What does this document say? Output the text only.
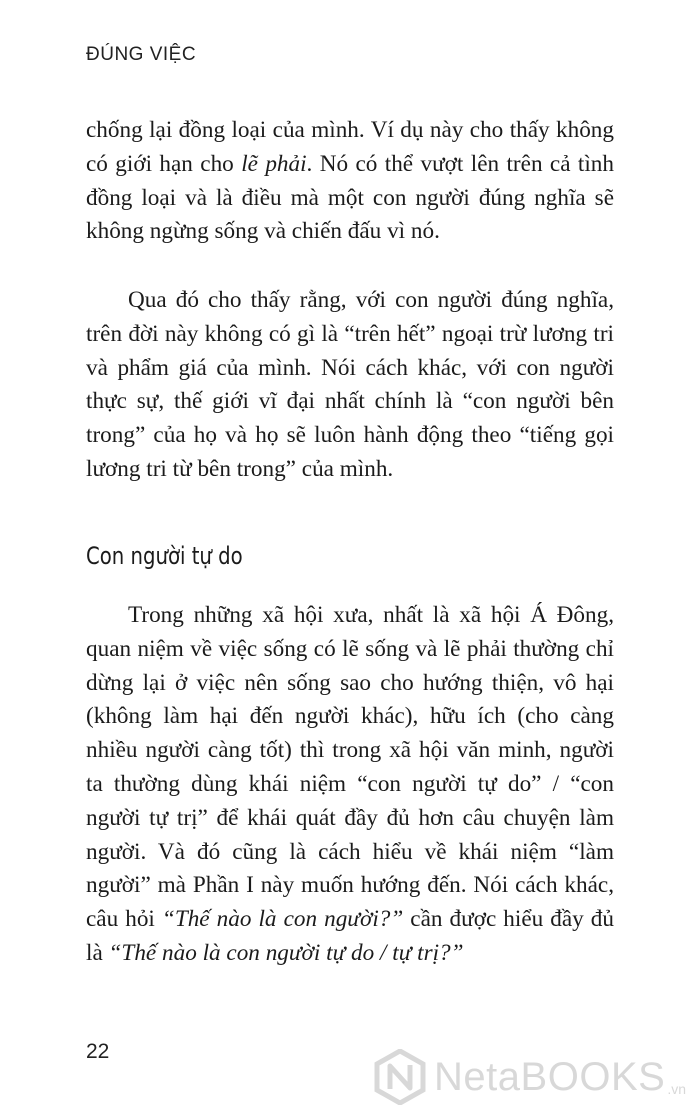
ĐÚNG VIỆC

chống lại đồng loại của mình. Ví dụ này cho thấy không có giới hạn cho lẽ phải. Nó có thể vượt lên trên cả tình đồng loại và là điều mà một con người đúng nghĩa sẽ không ngừng sống và chiến đấu vì nó.

Qua đó cho thấy rằng, với con người đúng nghĩa, trên đời này không có gì là “trên hết” ngoại trừ lương tri và phẩm giá của mình. Nói cách khác, với con người thực sự, thế giới vĩ đại nhất chính là “con người bên trong” của họ và họ sẽ luôn hành động theo “tiếng gọi lương tri từ bên trong” của mình.

Con người tự do

Trong những xã hội xưa, nhất là xã hội Á Đông, quan niệm về việc sống có lẽ sống và lẽ phải thường chỉ dừng lại ở việc nên sống sao cho hướng thiện, vô hại (không làm hại đến người khác), hữu ích (cho càng nhiều người càng tốt) thì trong xã hội văn minh, người ta thường dùng khái niệm “con người tự do” / “con người tự trị” để khái quát đầy đủ hơn câu chuyện làm người. Và đó cũng là cách hiểu về khái niệm “làm người” mà Phần I này muốn hướng đến. Nói cách khác, câu hỏi “Thế nào là con người?” cần được hiểu đầy đủ là “Thế nào là con người tự do / tự trị?”

22
NetaBOOKS .vn
